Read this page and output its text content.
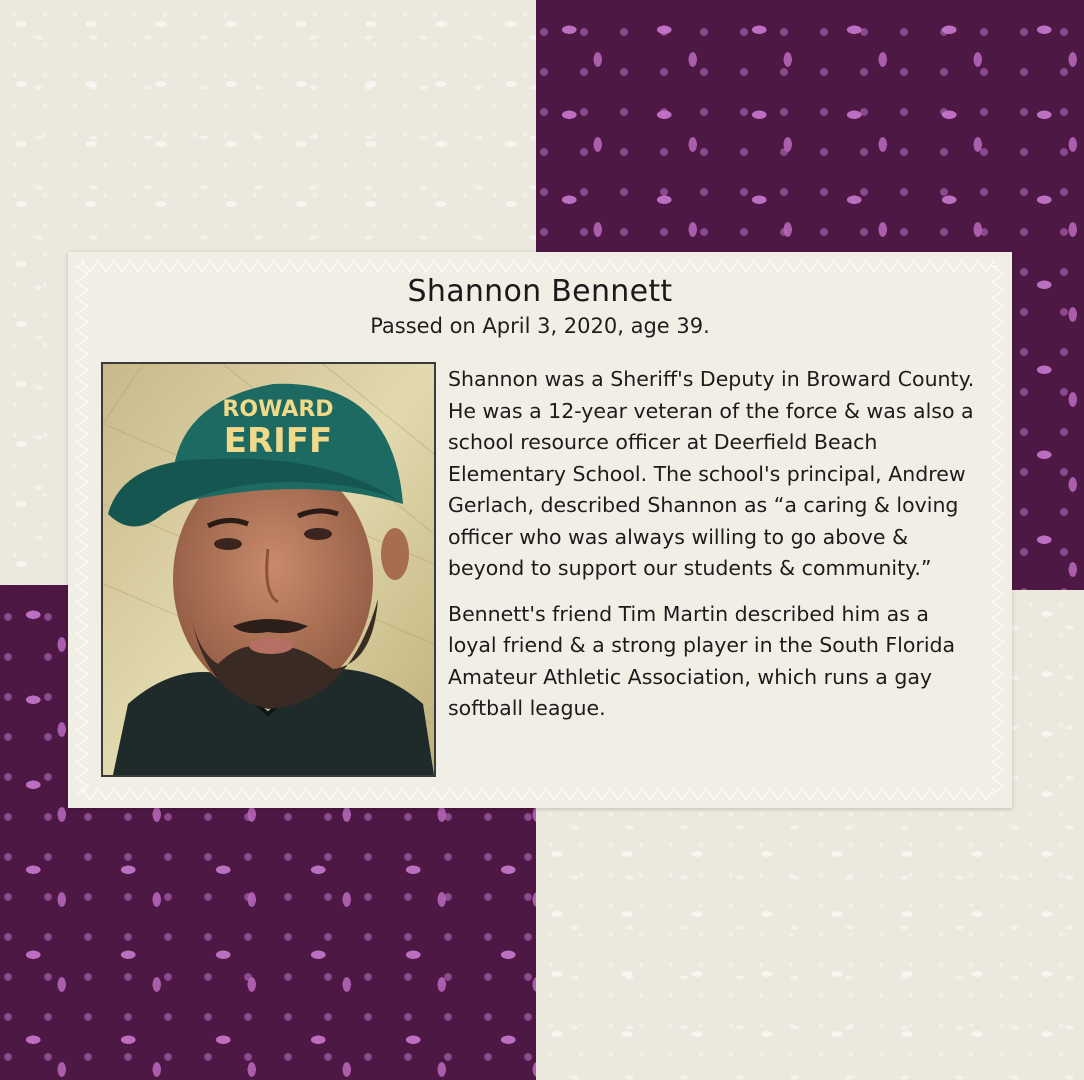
Shannon Bennett
Passed on April 3, 2020, age 39.
ROWARD
ERIFF

Shannon was a Sheriff's Deputy in Broward County. He was a 12-year veteran of the force & was also a school resource officer at Deerfield Beach Elementary School. The school's principal, Andrew Gerlach, described Shannon as “a caring & loving officer who was always willing to go above & beyond to support our students & community.”

Bennett's friend Tim Martin described him as a loyal friend & a strong player in the South Florida Amateur Athletic Association, which runs a gay softball league.
